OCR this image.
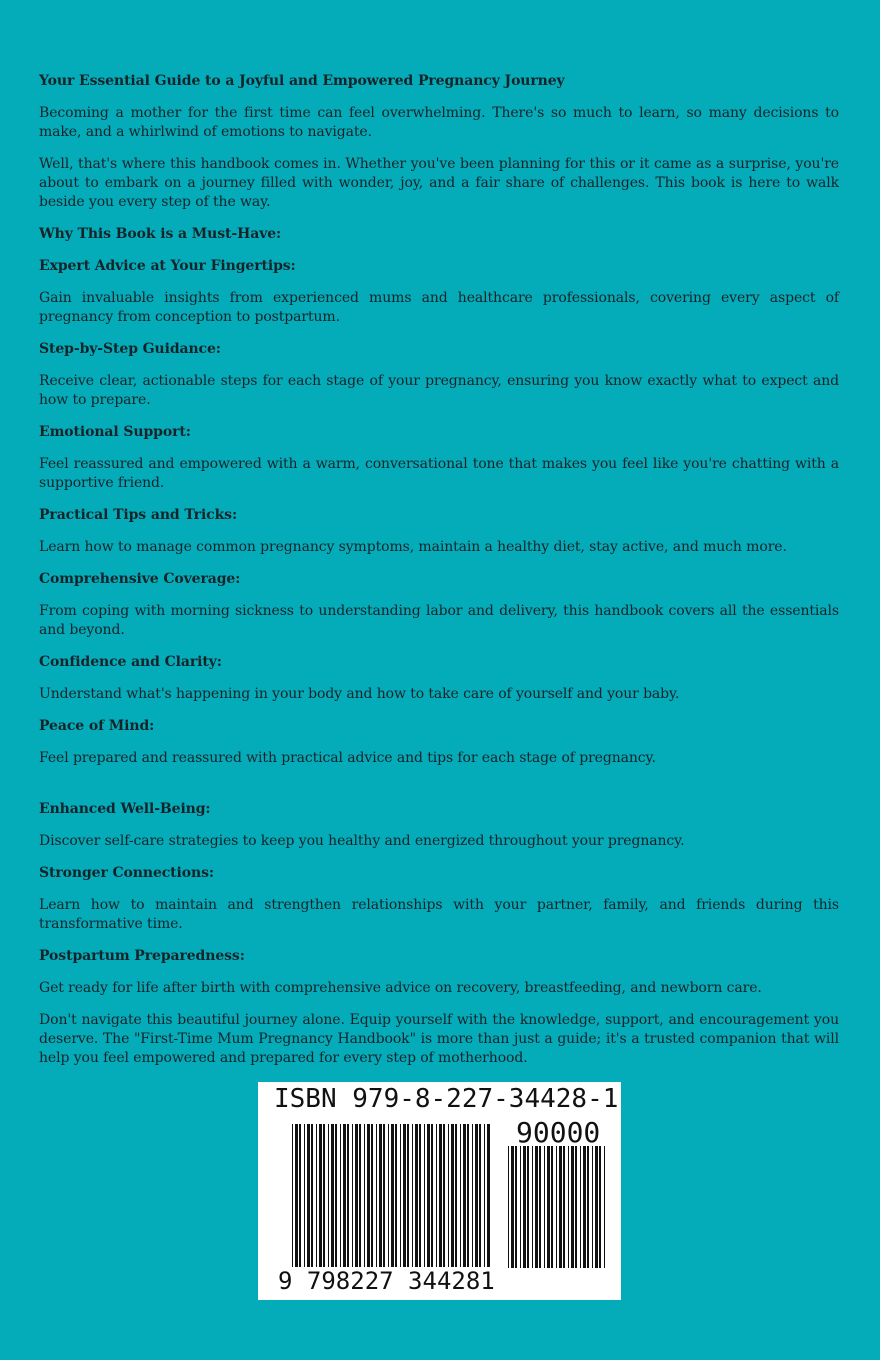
Your Essential Guide to a Joyful and Empowered Pregnancy Journey

Becoming a mother for the first time can feel overwhelming. There's so much to learn, so many decisions to make, and a whirlwind of emotions to navigate.

Well, that's where this handbook comes in. Whether you've been planning for this or it came as a surprise, you're about to embark on a journey filled with wonder, joy, and a fair share of challenges. This book is here to walk beside you every step of the way.

Why This Book is a Must-Have:

Expert Advice at Your Fingertips:

Gain invaluable insights from experienced mums and healthcare professionals, covering every aspect of pregnancy from conception to postpartum.

Step-by-Step Guidance:

Receive clear, actionable steps for each stage of your pregnancy, ensuring you know exactly what to expect and how to prepare.

Emotional Support:

Feel reassured and empowered with a warm, conversational tone that makes you feel like you're chatting with a supportive friend.

Practical Tips and Tricks:

Learn how to manage common pregnancy symptoms, maintain a healthy diet, stay active, and much more.

Comprehensive Coverage:

From coping with morning sickness to understanding labor and delivery, this handbook covers all the essentials and beyond.

Confidence and Clarity:

Understand what's happening in your body and how to take care of yourself and your baby.

Peace of Mind:

Feel prepared and reassured with practical advice and tips for each stage of pregnancy.

Enhanced Well-Being:

Discover self-care strategies to keep you healthy and energized throughout your pregnancy.

Stronger Connections:

Learn how to maintain and strengthen relationships with your partner, family, and friends during this transformative time.

Postpartum Preparedness:

Get ready for life after birth with comprehensive advice on recovery, breastfeeding, and newborn care.

Don't navigate this beautiful journey alone. Equip yourself with the knowledge, support, and encouragement you deserve. The "First-Time Mum Pregnancy Handbook" is more than just a guide; it's a trusted companion that will help you feel empowered and prepared for every step of motherhood.

ISBN 979-8-227-34428-1
90000
9 798227 344281
